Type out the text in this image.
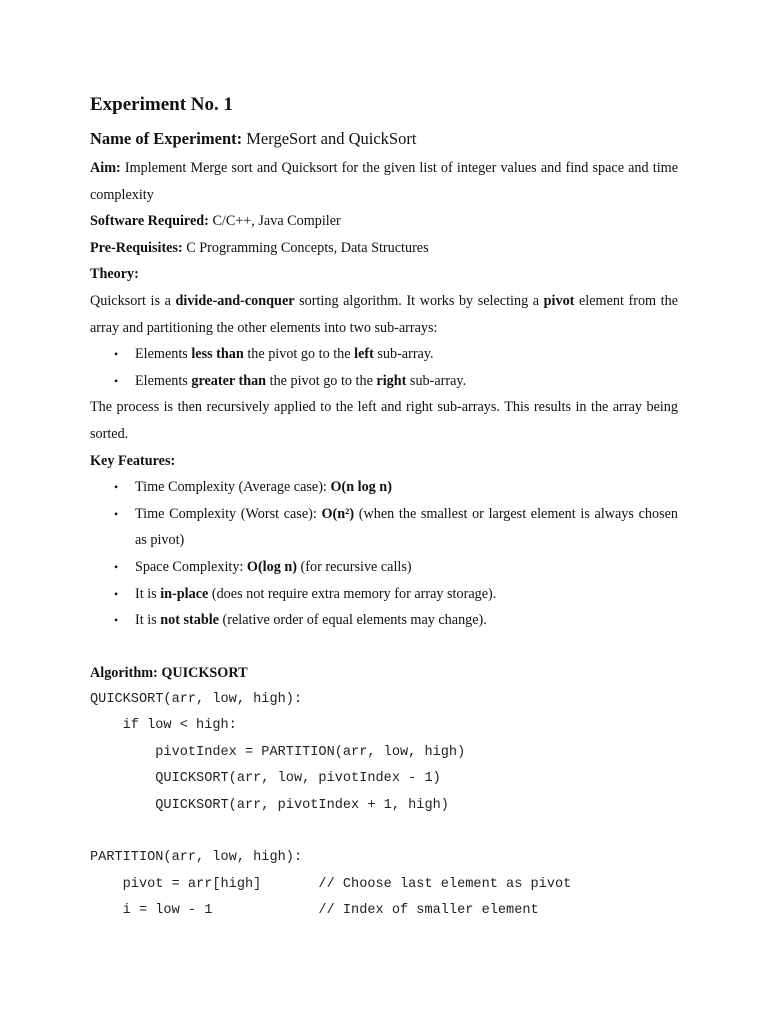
Experiment No. 1
Name of Experiment: MergeSort and QuickSort

Aim: Implement Merge sort and Quicksort for the given list of integer values and find space and time complexity

Software Required: C/C++, Java Compiler

Pre-Requisites: C Programming Concepts, Data Structures

Theory:

Quicksort is a divide-and-conquer sorting algorithm. It works by selecting a pivot element from the array and partitioning the other elements into two sub-arrays:

• Elements less than the pivot go to the left sub-array.
• Elements greater than the pivot go to the right sub-array.

The process is then recursively applied to the left and right sub-arrays. This results in the array being sorted.

Key Features:

• Time Complexity (Average case): O(n log n)
• Time Complexity (Worst case): O(n²) (when the smallest or largest element is always chosen as pivot)
• Space Complexity: O(log n) (for recursive calls)
• It is in-place (does not require extra memory for array storage).
• It is not stable (relative order of equal elements may change).

Algorithm: QUICKSORT

QUICKSORT(arr, low, high):
if low < high:
pivotIndex = PARTITION(arr, low, high)
QUICKSORT(arr, low, pivotIndex - 1)
QUICKSORT(arr, pivotIndex + 1, high)

PARTITION(arr, low, high):
pivot = arr[high]       // Choose last element as pivot
i = low - 1             // Index of smaller element
